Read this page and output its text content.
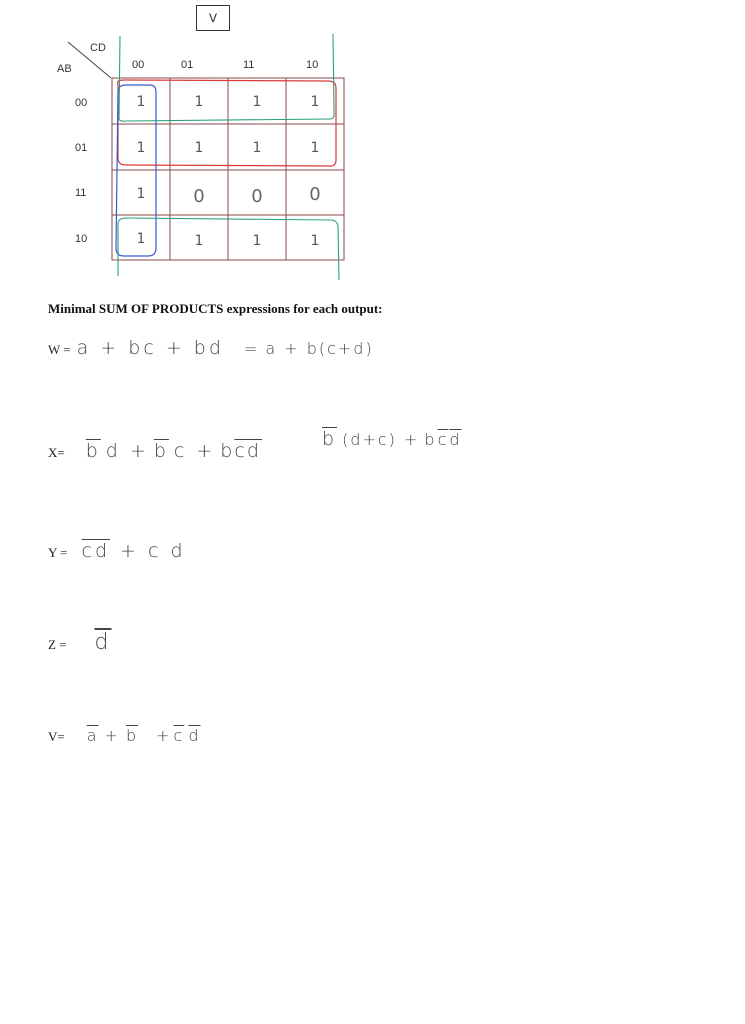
V
CD
AB	00	01	11	10
00
01
11
10
1	1	1	1
1	1	1	1
1	0	0	0
1	1	1	1
Minimal SUM OF PRODUCTS expressions for each output:
W = a + bc + bd = a + b(c+d)
$X= \overline{b}$ $d + \overline{b}$ c + b $\overline{c}$ $\overline{d}$
$\overline{b}$ (d+c) + b $\overline{c}$ $\overline{d}$
$Y = \overline{c}$ $\overline{d} + c$ d
$Z = \overline{d}$
$V= \overline{a} + \overline{b} + \overline{c}$ $\overline{d}$
